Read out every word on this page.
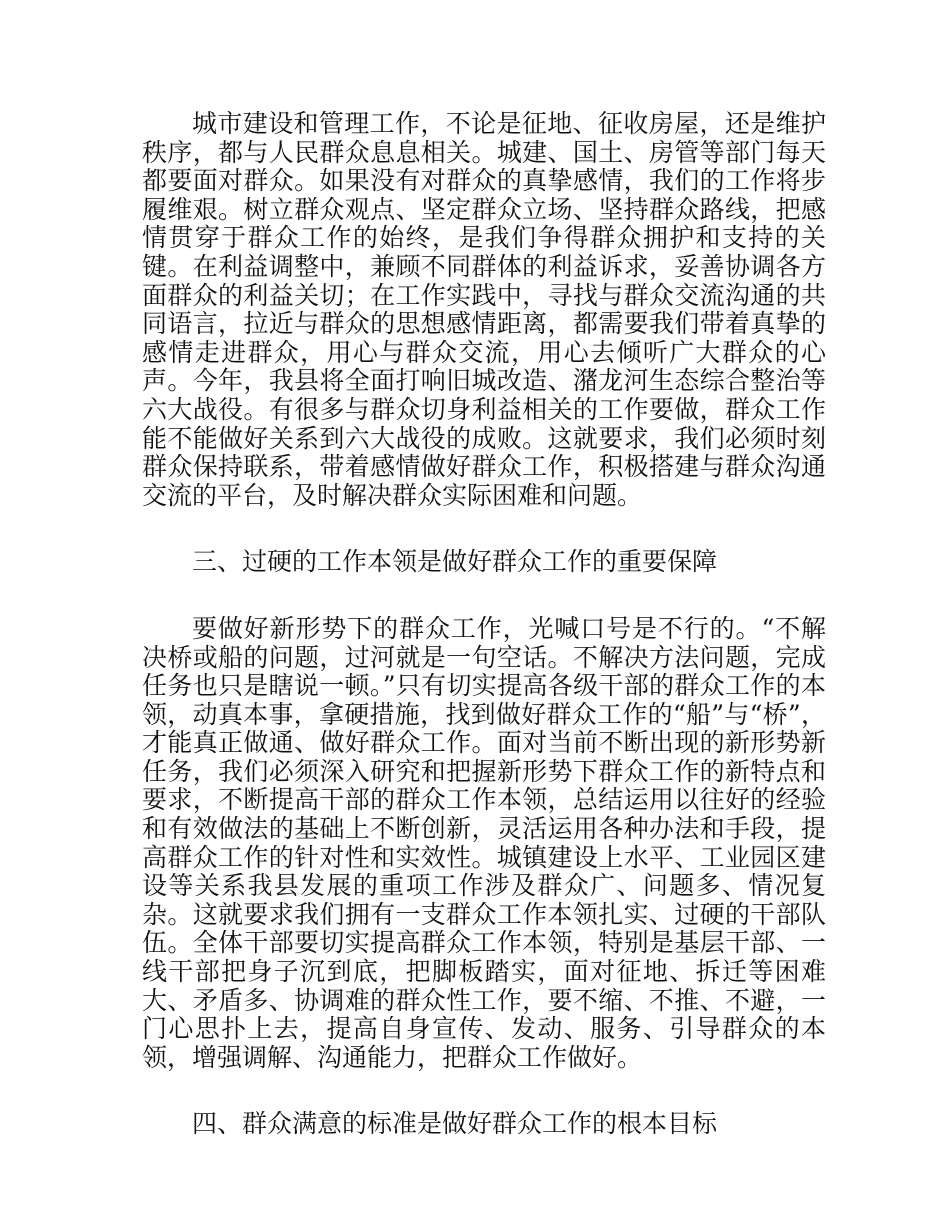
城市建设和管理工作，不论是征地、征收房屋，还是维护秩序，都与人民群众息息相关。城建、国土、房管等部门每天都要面对群众。如果没有对群众的真挚感情，我们的工作将步履维艰。树立群众观点、坚定群众立场、坚持群众路线，把感情贯穿于群众工作的始终，是我们争得群众拥护和支持的关键。在利益调整中，兼顾不同群体的利益诉求，妥善协调各方面群众的利益关切；在工作实践中，寻找与群众交流沟通的共同语言，拉近与群众的思想感情距离，都需要我们带着真挚的感情走进群众，用心与群众交流，用心去倾听广大群众的心声。今年，我县将全面打响旧城改造、潴龙河生态综合整治等六大战役。有很多与群众切身利益相关的工作要做，群众工作能不能做好关系到六大战役的成败。这就要求，我们必须时刻群众保持联系，带着感情做好群众工作，积极搭建与群众沟通交流的平台，及时解决群众实际困难和问题。

三、过硬的工作本领是做好群众工作的重要保障

要做好新形势下的群众工作，光喊口号是不行的。“不解决桥或船的问题，过河就是一句空话。不解决方法问题，完成任务也只是瞎说一顿。”只有切实提高各级干部的群众工作的本领，动真本事，拿硬措施，找到做好群众工作的“船”与“桥”，才能真正做通、做好群众工作。面对当前不断出现的新形势新任务，我们必须深入研究和把握新形势下群众工作的新特点和要求，不断提高干部的群众工作本领，总结运用以往好的经验和有效做法的基础上不断创新，灵活运用各种办法和手段，提高群众工作的针对性和实效性。城镇建设上水平、工业园区建设等关系我县发展的重项工作涉及群众广、问题多、情况复杂。这就要求我们拥有一支群众工作本领扎实、过硬的干部队伍。全体干部要切实提高群众工作本领，特别是基层干部、一线干部把身子沉到底，把脚板踏实，面对征地、拆迁等困难大、矛盾多、协调难的群众性工作，要不缩、不推、不避，一门心思扑上去，提高自身宣传、发动、服务、引导群众的本领，增强调解、沟通能力，把群众工作做好。

四、群众满意的标准是做好群众工作的根本目标
